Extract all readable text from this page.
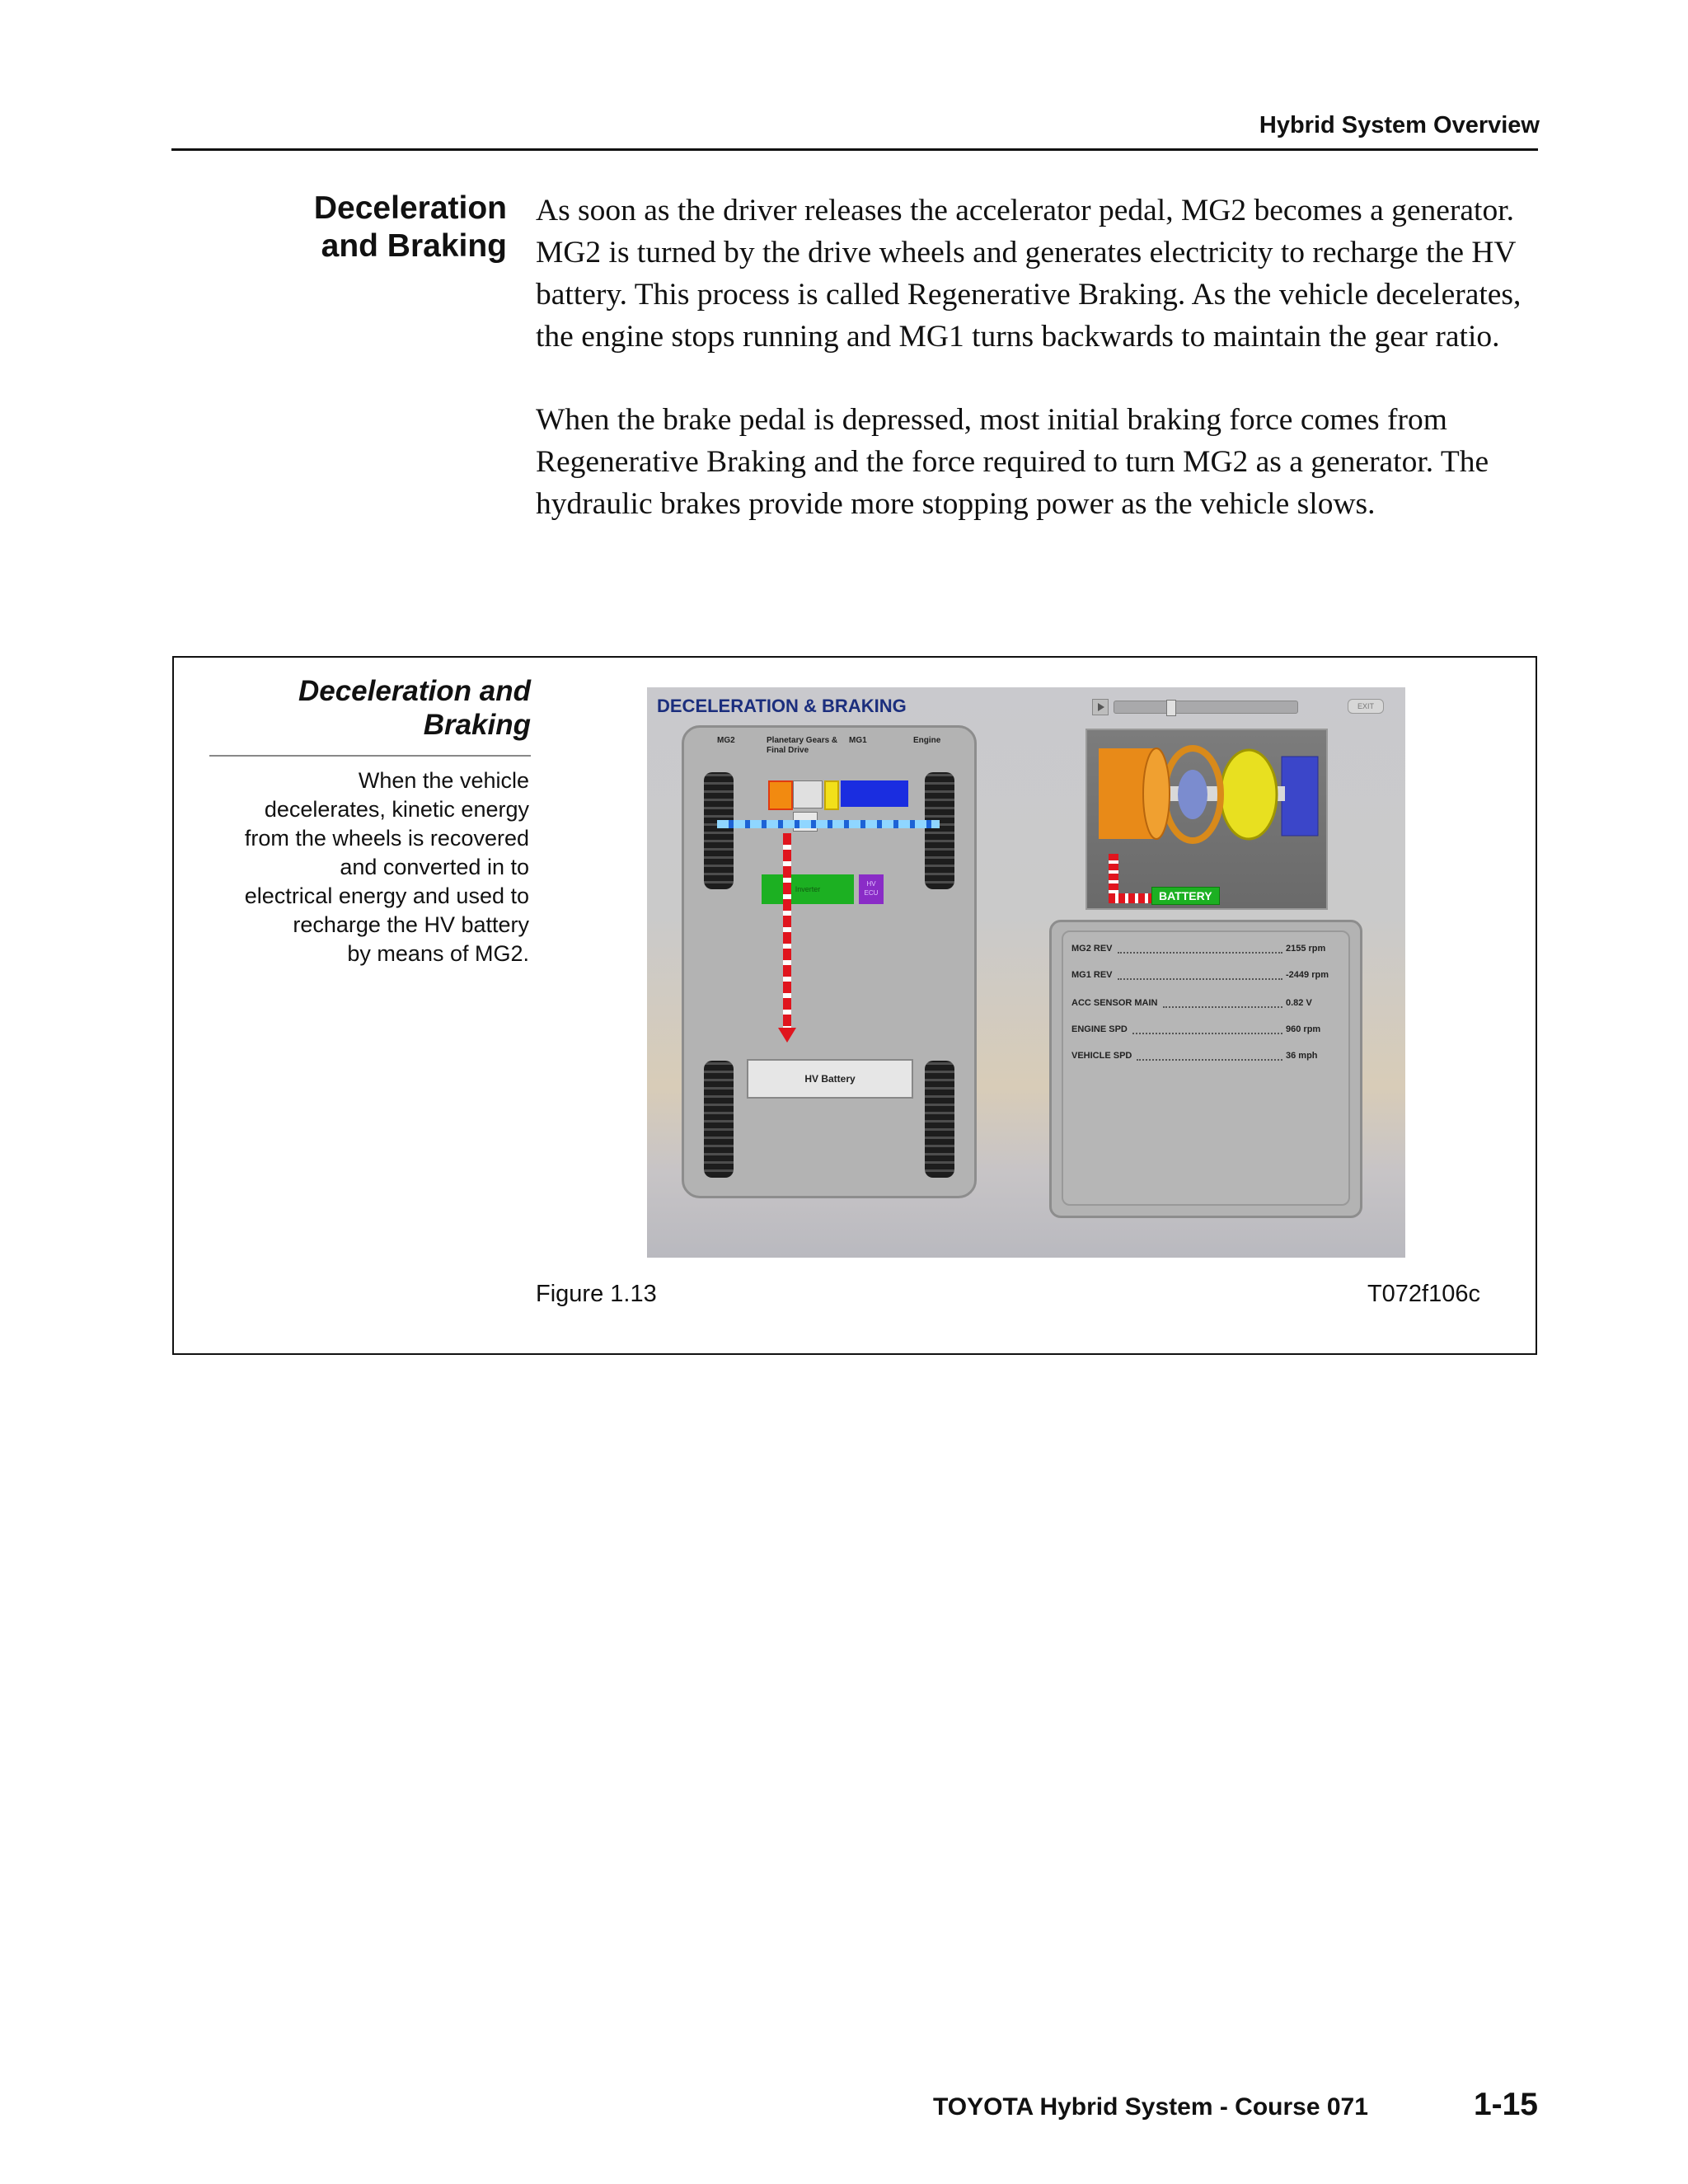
Hybrid System Overview
Deceleration
and Braking

As soon as the driver releases the accelerator pedal, MG2 becomes a generator. MG2 is turned by the drive wheels and generates electricity to recharge the HV battery. This process is called Regenerative Braking. As the vehicle decelerates, the engine stops running and MG1 turns backwards to maintain the gear ratio.

When the brake pedal is depressed, most initial braking force comes from Regenerative Braking and the force required to turn MG2 as a generator. The hydraulic brakes provide more stopping power as the vehicle slows.

Deceleration and
Braking
When the vehicle
decelerates, kinetic energy
from the wheels is recovered
and converted in to
electrical energy and used to
recharge the HV battery
by means of MG2.
DECELERATION & BRAKING	EXIT
MG2	Planetary Gears &
Final Drive
MG1	Engine
Inverter
HV
ECU
HV Battery
BATTERY
MG2 REV	2155 rpm
MG1 REV	-2449 rpm
ACC SENSOR MAIN	0.82 V
ENGINE SPD	960 rpm
VEHICLE SPD	36 mph
Figure 1.13	T072f106c
TOYOTA Hybrid System - Course 071	1-15
